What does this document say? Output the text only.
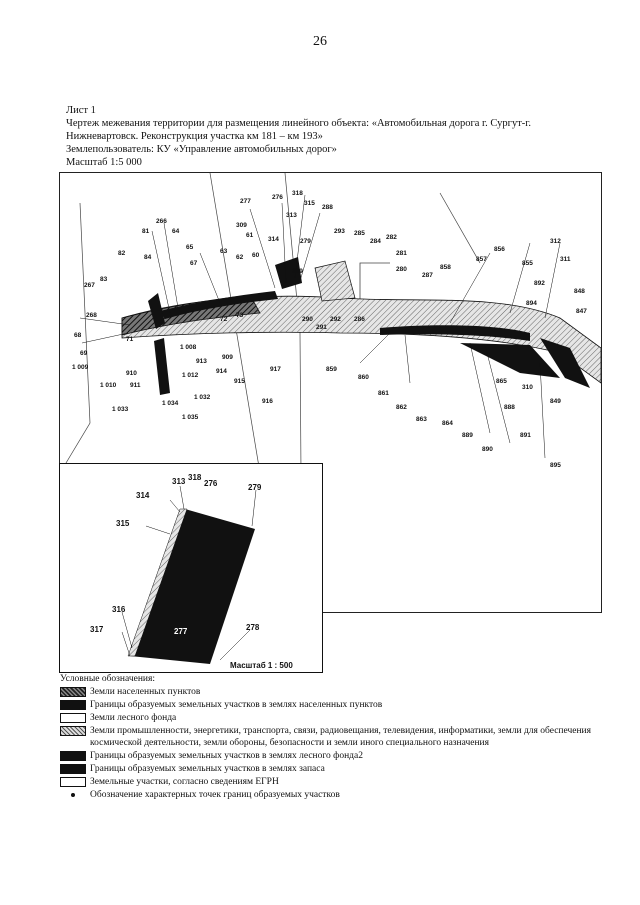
26
Лист 1
Чертеж межевания территории для размещения линейного объекта: «Автомобильная дорога г. Сургут-г.
Нижневартовск. Реконструкция участка км 181 – км 193»
Землепользователь: КУ «Управление автомобильных дорог»
Масштаб 1:5 000
277
276
318
315
288
313
309
61
314	279
293 285
284
282
281
280
287
858
857
856
855
312
311
892
848
894
847
266
81	64
65
63
62 60
67
82
84
83
267
268
68
69
1 009
1 008
913
909
914
915
917
1 010 911
910	1 012
1 032
1 033
1 034
1 035
916
289
290
291
292 286
859
860
861
862
863
864
889
890
865
310
888
891
849
895
71
72
73
313 318
276	279
314
315
316
317	278
277
Масштаб 1 : 500
Условные обозначения:
Земли населенных пунктов
Границы образуемых земельных участков в землях населенных пунктов
Земли лесного фонда
Земли промышленности, энергетики, транспорта, связи, радиовещания, телевидения, информатики, земли для обеспечения космической деятельности, земли обороны, безопасности и земли иного специального назначения
Границы образуемых земельных участков в землях лесного фонда2
Границы образуемых земельных участков в землях запаса
Земельные участки, согласно сведениям ЕГРН
Обозначение характерных точек границ образуемых участков
